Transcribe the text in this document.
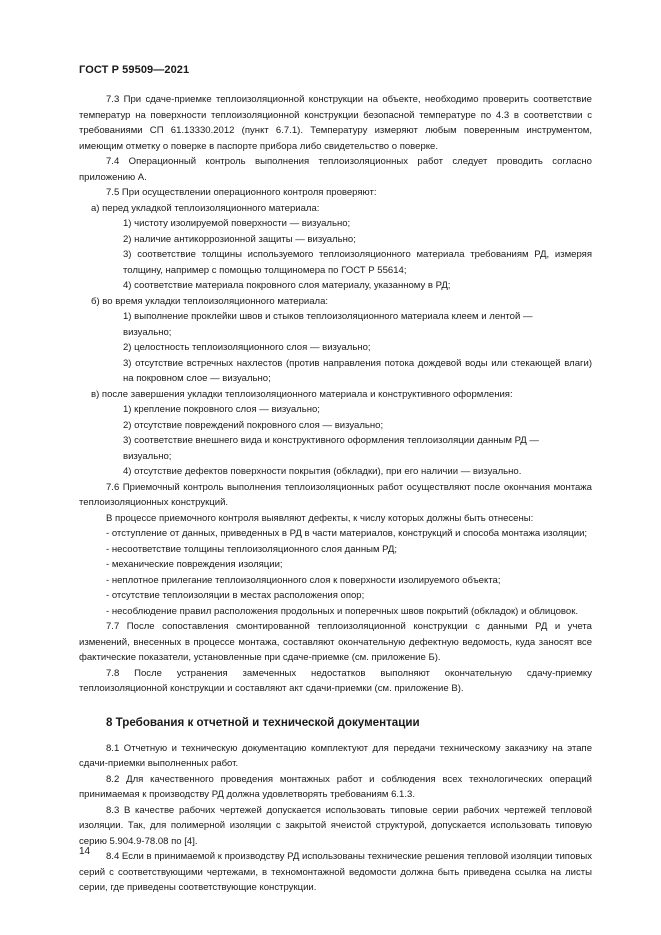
ГОСТ Р 59509—2021

7.3 При сдаче-приемке теплоизоляционной конструкции на объекте, необходимо проверить соответствие температур на поверхности теплоизоляционной конструкции безопасной температуре по 4.3 в соответствии с требованиями СП 61.13330.2012 (пункт 6.7.1). Температуру измеряют любым поверенным инструментом, имеющим отметку о поверке в паспорте прибора либо свидетельство о поверке.

7.4 Операционный контроль выполнения теплоизоляционных работ следует проводить согласно приложению А.

7.5 При осуществлении операционного контроля проверяют:

а) перед укладкой теплоизоляционного материала:

1) чистоту изолируемой поверхности — визуально;

2) наличие антикоррозионной защиты — визуально;

3) соответствие толщины используемого теплоизоляционного материала требованиям РД, измеряя толщину, например с помощью толщиномера по ГОСТ Р 55614;

4) соответствие материала покровного слоя материалу, указанному в РД;

б) во время укладки теплоизоляционного материала:

1) выполнение проклейки швов и стыков теплоизоляционного материала клеем и лентой —

визуально;

2) целостность теплоизоляционного слоя — визуально;

3) отсутствие встречных нахлестов (против направления потока дождевой воды или стекающей влаги) на покровном слое — визуально;

в) после завершения укладки теплоизоляционного материала и конструктивного оформления:

1) крепление покровного слоя — визуально;

2) отсутствие повреждений покровного слоя — визуально;

3) соответствие внешнего вида и конструктивного оформления теплоизоляции данным РД —

визуально;

4) отсутствие дефектов поверхности покрытия (обкладки), при его наличии — визуально.

7.6 Приемочный контроль выполнения теплоизоляционных работ осуществляют после окончания монтажа теплоизоляционных конструкций.

В процессе приемочного контроля выявляют дефекты, к числу которых должны быть отнесены:

- отступление от данных, приведенных в РД в части материалов, конструкций и способа монтажа изоляции;

- несоответствие толщины теплоизоляционного слоя данным РД;

- механические повреждения изоляции;

- неплотное прилегание теплоизоляционного слоя к поверхности изолируемого объекта;

- отсутствие теплоизоляции в местах расположения опор;

- несоблюдение правил расположения продольных и поперечных швов покрытий (обкладок) и облицовок.

7.7 После сопоставления смонтированной теплоизоляционной конструкции с данными РД и учета изменений, внесенных в процессе монтажа, составляют окончательную дефектную ведомость, куда заносят все фактические показатели, установленные при сдаче-приемке (см. приложение Б).

7.8 После устранения замеченных недостатков выполняют окончательную сдачу-приемку теплоизоляционной конструкции и составляют акт сдачи-приемки (см. приложение В).

8 Требования к отчетной и технической документации

8.1 Отчетную и техническую документацию комплектуют для передачи техническому заказчику на этапе сдачи-приемки выполненных работ.

8.2 Для качественного проведения монтажных работ и соблюдения всех технологических операций принимаемая к производству РД должна удовлетворять требованиям 6.1.3.

8.3 В качестве рабочих чертежей допускается использовать типовые серии рабочих чертежей тепловой изоляции. Так, для полимерной изоляции с закрытой ячеистой структурой, допускается использовать типовую серию 5.904.9-78.08 по [4].

8.4 Если в принимаемой к производству РД использованы технические решения тепловой изоляции типовых серий с соответствующими чертежами, в техномонтажной ведомости должна быть приведена ссылка на листы серии, где приведены соответствующие конструкции.

14
